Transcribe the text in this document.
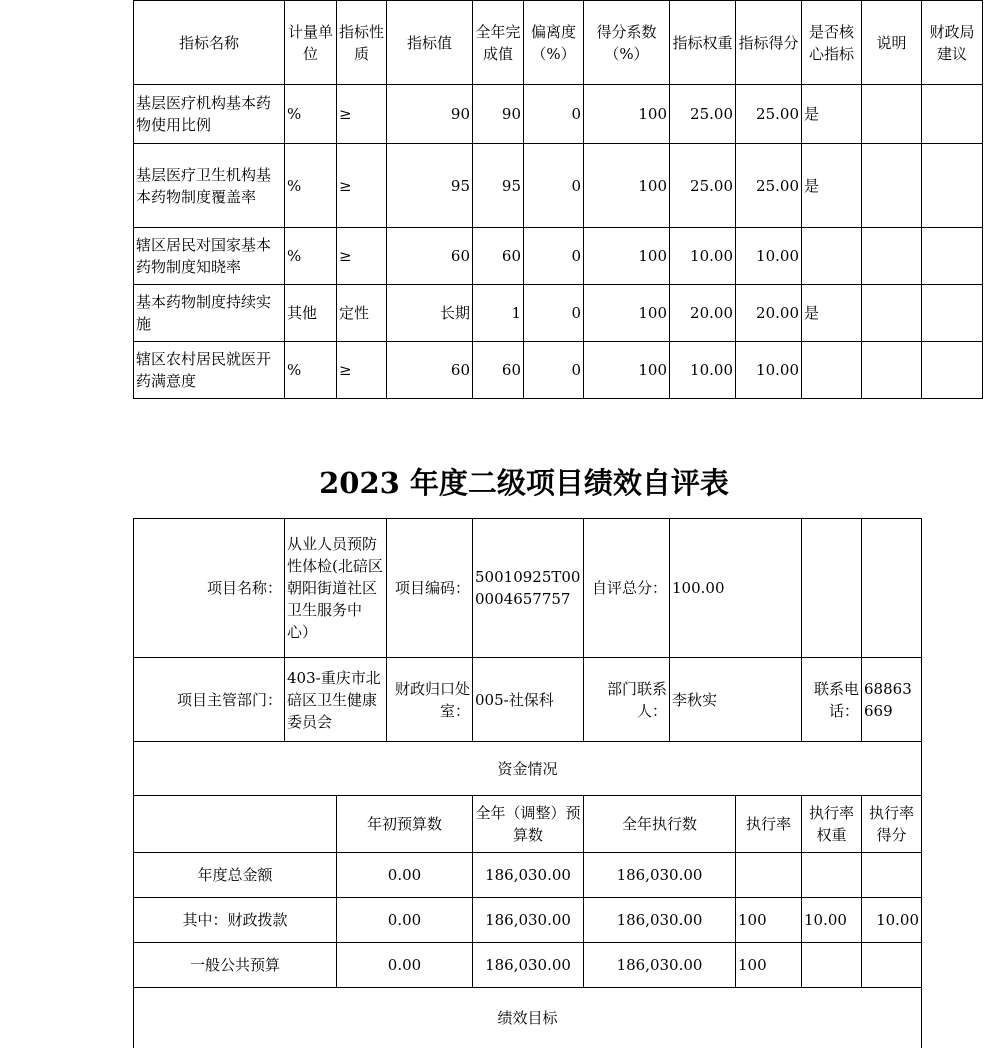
指标名称	计量单位	指标性质	指标值	全年完成值	偏离度（%）	得分系数（%）	指标权重	指标得分	是否核心指标	说明	财政局建议
基层医疗机构基本药物使用比例	%	≥	90	90	0	100	25.00	25.00	是		
基层医疗卫生机构基本药物制度覆盖率	%	≥	95	95	0	100	25.00	25.00	是		
辖区居民对国家基本药物制度知晓率	%	≥	60	60	0	100	10.00	10.00			
基本药物制度持续实施	其他	定性	长期	1	0	100	20.00	20.00	是		
辖区农村居民就医开药满意度	%	≥	60	60	0	100	10.00	10.00			
2023 年度二级项目绩效自评表
项目名称：	从业人员预防性体检(北碚区朝阳街道社区卫生服务中心）		项目编码：	50010925T000004657757	自评总分：	100.00			
项目主管部门：	403-重庆市北碚区卫生健康委员会		财政归口处室：	005-社保科	部门联系人：	李秋实		联系电话：	68863669
资金情况									
		年初预算数		全年（调整）预算数	全年执行数		执行率	执行率权重	执行率得分
年度总金额		0.00		186,030.00	186,030.00				
其中：财政拨款		0.00		186,030.00	186,030.00		100	10.00	10.00
一般公共预算		0.00		186,030.00	186,030.00		100		
绩效目标									
